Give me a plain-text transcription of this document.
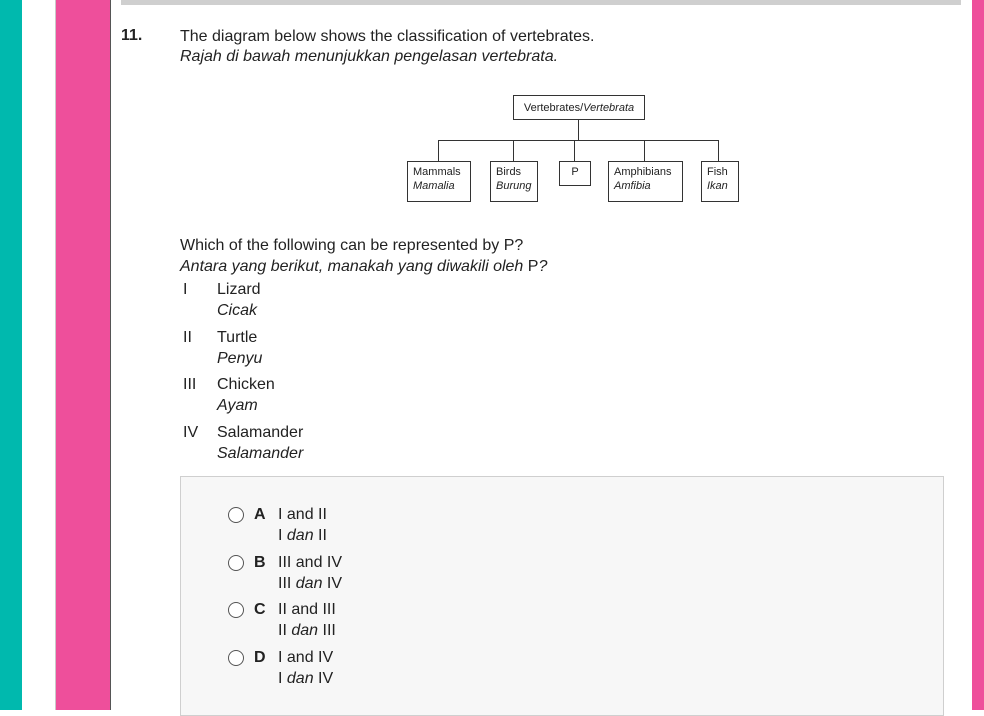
11. The diagram below shows the classification of vertebrates.
Rajah di bawah menunjukkan pengelasan vertebrata.
Vertebrates/Vertebrata
Mammals
Mamalia
Birds
Burung
P	Amphibians
Amfibia
Fish
Ikan
Which of the following can be represented by P?
Antara yang berikut, manakah yang diwakili oleh P?
I	Lizard
Cicak
II	Turtle
Penyu
III	Chicken
Ayam
IV	Salamander
Salamander
A I and II
I dan II
B III and IV
III dan IV
C II and III
II dan III
D I and IV
I dan IV
